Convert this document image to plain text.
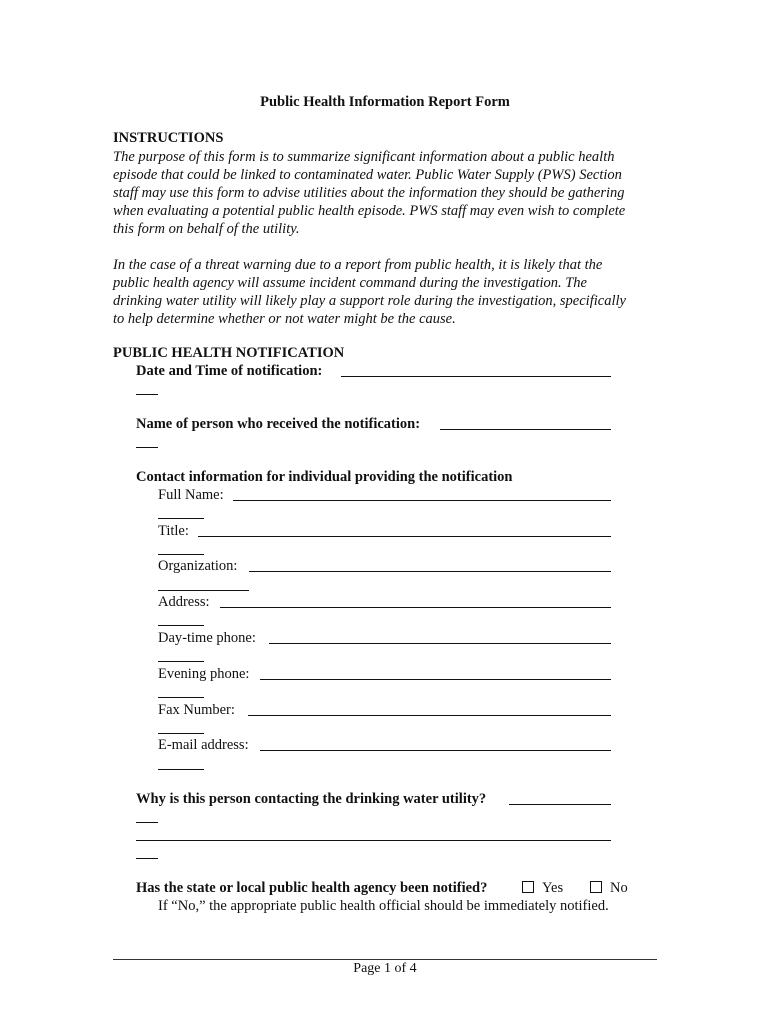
Public Health Information Report Form
INSTRUCTIONS
The purpose of this form is to summarize significant information about a public health
episode that could be linked to contaminated water. Public Water Supply (PWS) Section
staff may use this form to advise utilities about the information they should be gathering
when evaluating a potential public health episode. PWS staff may even wish to complete
this form on behalf of the utility.
In the case of a threat warning due to a report from public health, it is likely that the
public health agency will assume incident command during the investigation. The
drinking water utility will likely play a support role during the investigation, specifically
to help determine whether or not water might be the cause.
PUBLIC HEALTH NOTIFICATION
Date and Time of notification:
Name of person who received the notification:
Contact information for individual providing the notification
Full Name:
Title:
Organization:
Address:
Day-time phone:
Evening phone:
Fax Number:
E-mail address:
Why is this person contacting the drinking water utility?
Has the state or local public health agency been notified?	Yes	No
If “No,” the appropriate public health official should be immediately notified.
Page 1 of 4
